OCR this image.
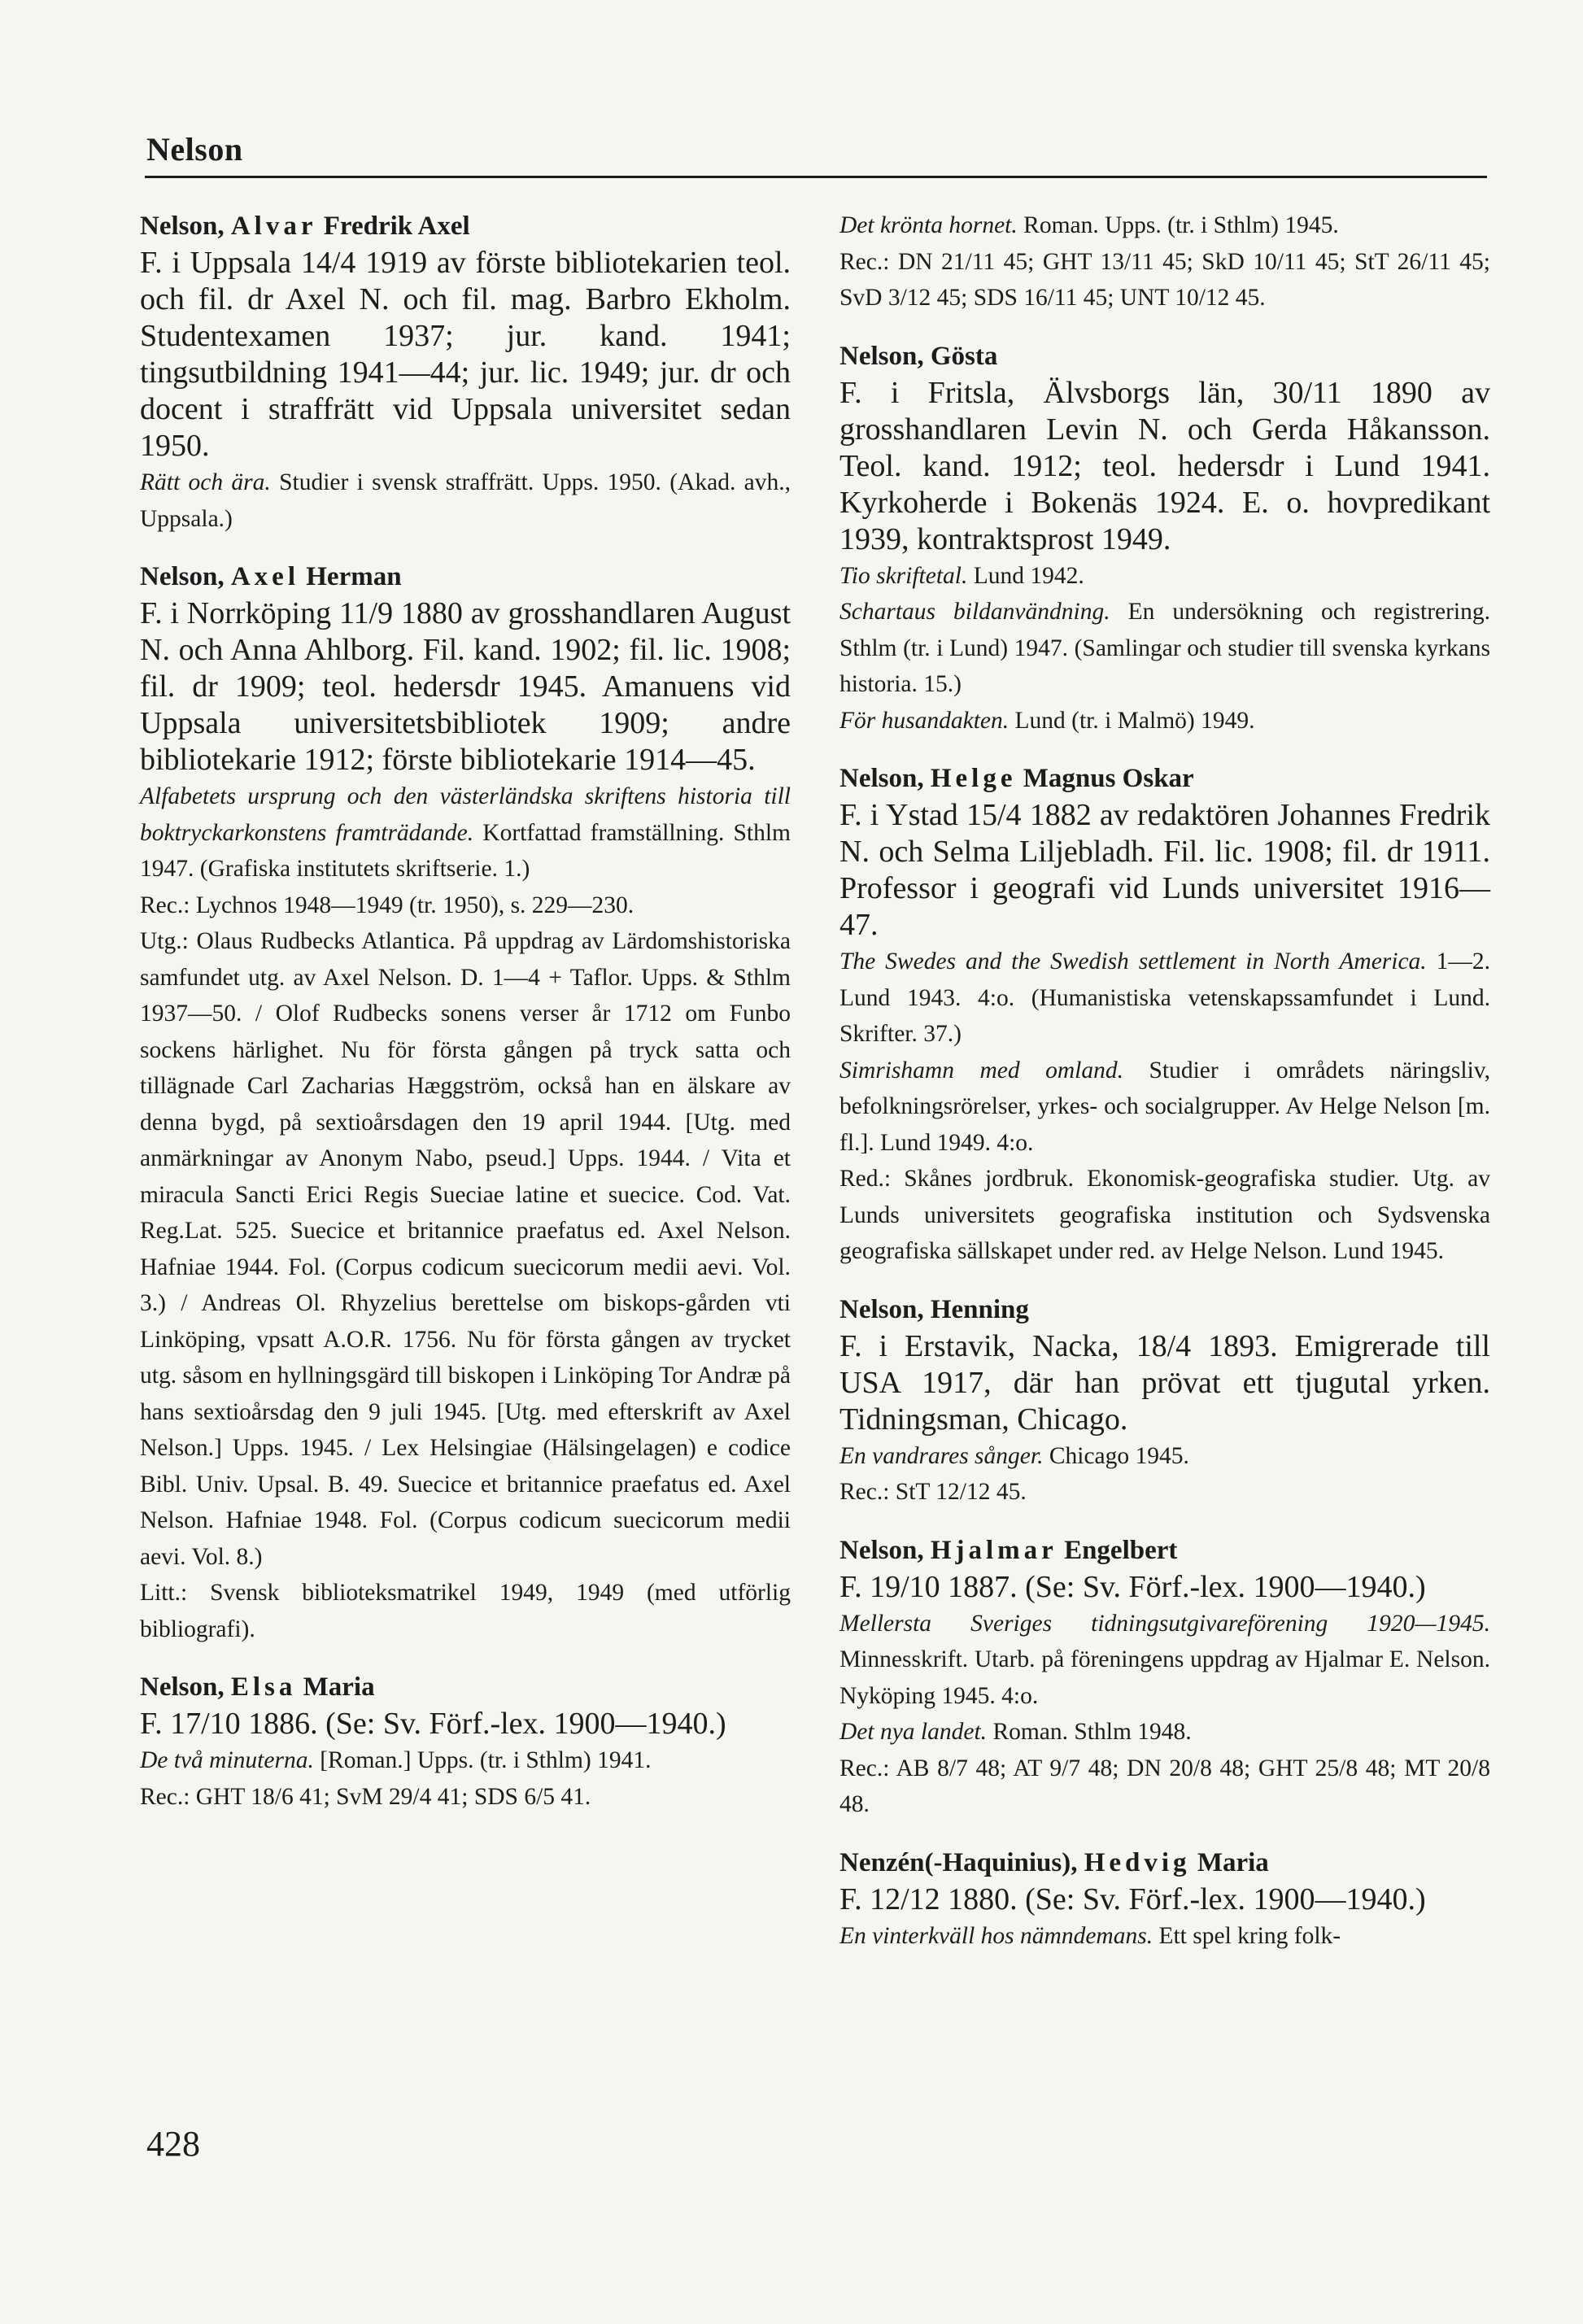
Nelson

Nelson, Alvar Fredrik Axel

F. i Uppsala 14/4 1919 av förste bibliotekarien teol. och fil. dr Axel N. och fil. mag. Barbro Ekholm. Studentexamen 1937; jur. kand. 1941; tingsutbildning 1941—44; jur. lic. 1949; jur. dr och docent i straffrätt vid Uppsala universitet sedan 1950.

Rätt och ära. Studier i svensk straffrätt. Upps. 1950. (Akad. avh., Uppsala.)

Nelson, Axel Herman

F. i Norrköping 11/9 1880 av grosshandlaren August N. och Anna Ahlborg. Fil. kand. 1902; fil. lic. 1908; fil. dr 1909; teol. hedersdr 1945. Amanuens vid Uppsala universitetsbibliotek 1909; andre bibliotekarie 1912; förste bibliotekarie 1914—45.

Alfabetets ursprung och den västerländska skriftens historia till boktryckarkonstens framträdande. Kortfattad framställning. Sthlm 1947. (Grafiska institutets skriftserie. 1.)

Rec.: Lychnos 1948—1949 (tr. 1950), s. 229—230.

Utg.: Olaus Rudbecks Atlantica. På uppdrag av Lärdomshistoriska samfundet utg. av Axel Nelson. D. 1—4 + Taflor. Upps. & Sthlm 1937—50. / Olof Rudbecks sonens verser år 1712 om Funbo sockens härlighet. Nu för första gången på tryck satta och tillägnade Carl Zacharias Hæggström, också han en älskare av denna bygd, på sextioårsdagen den 19 april 1944. [Utg. med anmärkningar av Anonym Nabo, pseud.] Upps. 1944. / Vita et miracula Sancti Erici Regis Sueciae latine et suecice. Cod. Vat. Reg.Lat. 525. Suecice et britannice praefatus ed. Axel Nelson. Hafniae 1944. Fol. (Corpus codicum suecicorum medii aevi. Vol. 3.) / Andreas Ol. Rhyzelius berettelse om biskops-gården vti Linköping, vpsatt A.O.R. 1756. Nu för första gången av trycket utg. såsom en hyllningsgärd till biskopen i Linköping Tor Andræ på hans sextioårsdag den 9 juli 1945. [Utg. med efterskrift av Axel Nelson.] Upps. 1945. / Lex Helsingiae (Hälsingelagen) e codice Bibl. Univ. Upsal. B. 49. Suecice et britannice praefatus ed. Axel Nelson. Hafniae 1948. Fol. (Corpus codicum suecicorum medii aevi. Vol. 8.)

Litt.: Svensk biblioteksmatrikel 1949, 1949 (med utförlig bibliografi).

Nelson, Elsa Maria

F. 17/10 1886. (Se: Sv. Förf.-lex. 1900—1940.)

De två minuterna. [Roman.] Upps. (tr. i Sthlm) 1941.

Rec.: GHT 18/6 41; SvM 29/4 41; SDS 6/5 41.

Det krönta hornet. Roman. Upps. (tr. i Sthlm) 1945.

Rec.: DN 21/11 45; GHT 13/11 45; SkD 10/11 45; StT 26/11 45; SvD 3/12 45; SDS 16/11 45; UNT 10/12 45.

Nelson, Gösta

F. i Fritsla, Älvsborgs län, 30/11 1890 av grosshandlaren Levin N. och Gerda Håkansson. Teol. kand. 1912; teol. hedersdr i Lund 1941. Kyrkoherde i Bokenäs 1924. E. o. hovpredikant 1939, kontraktsprost 1949.

Tio skriftetal. Lund 1942.

Schartaus bildanvändning. En undersökning och registrering. Sthlm (tr. i Lund) 1947. (Samlingar och studier till svenska kyrkans historia. 15.)

För husandakten. Lund (tr. i Malmö) 1949.

Nelson, Helge Magnus Oskar

F. i Ystad 15/4 1882 av redaktören Johannes Fredrik N. och Selma Liljebladh. Fil. lic. 1908; fil. dr 1911. Professor i geografi vid Lunds universitet 1916—47.

The Swedes and the Swedish settlement in North America. 1—2. Lund 1943. 4:o. (Humanistiska vetenskapssamfundet i Lund. Skrifter. 37.)

Simrishamn med omland. Studier i områdets näringsliv, befolkningsrörelser, yrkes- och socialgrupper. Av Helge Nelson [m. fl.]. Lund 1949. 4:o.

Red.: Skånes jordbruk. Ekonomisk-geografiska studier. Utg. av Lunds universitets geografiska institution och Sydsvenska geografiska sällskapet under red. av Helge Nelson. Lund 1945.

Nelson, Henning

F. i Erstavik, Nacka, 18/4 1893. Emigrerade till USA 1917, där han prövat ett tjugutal yrken. Tidningsman, Chicago.

En vandrares sånger. Chicago 1945.

Rec.: StT 12/12 45.

Nelson, Hjalmar Engelbert

F. 19/10 1887. (Se: Sv. Förf.-lex. 1900—1940.)

Mellersta Sveriges tidningsutgivareförening 1920—1945. Minnesskrift. Utarb. på föreningens uppdrag av Hjalmar E. Nelson. Nyköping 1945. 4:o.

Det nya landet. Roman. Sthlm 1948.

Rec.: AB 8/7 48; AT 9/7 48; DN 20/8 48; GHT 25/8 48; MT 20/8 48.

Nenzén(-Haquinius), Hedvig Maria

F. 12/12 1880. (Se: Sv. Förf.-lex. 1900—1940.)

En vinterkväll hos nämndemans. Ett spel kring folk-

428
